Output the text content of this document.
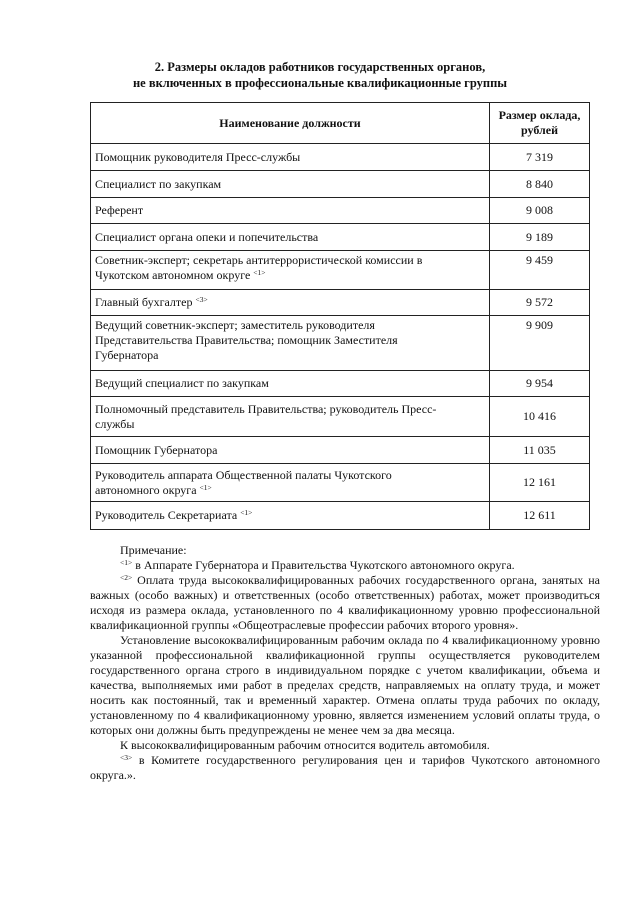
2. Размеры окладов работников государственных органов,
не включенных в профессиональные квалификационные группы
Наименование должности	Размер оклада,
рублей

Помощник руководителя Пресс-службы	7 319
Специалист по закупкам	8 840
Референт	9 008
Специалист органа опеки и попечительства	9 189

Советник-эксперт; секретарь антитеррористической комиссии в
Чукотском автономном округе $^{<1>}$	9 459
Главный бухгалтер $^{<3>}$	9 572

Ведущий советник-эксперт; заместитель руководителя
Представительства Правительства; помощник Заместителя
Губернатора	9 909
Ведущий специалист по закупкам	9 954

Полномочный представитель Правительства; руководитель Пресс-
службы	10 416
Помощник Губернатора	11 035

Руководитель аппарата Общественной палаты Чукотского
автономного округа $^{<1>}$	12 161
Руководитель Секретариата $^{<1>}$	12 611

Примечание:

$^{<1>}$ в Аппарате Губернатора и Правительства Чукотского автономного округа.

$^{<2>}$ Оплата труда высококвалифицированных рабочих государственного органа, занятых на важных (особо важных) и ответственных (особо ответственных) работах, может производиться исходя из размера оклада, установленного по 4 квалификационному уровню профессиональной квалификационной группы «Общеотраслевые профессии рабочих второго уровня».

Установление высококвалифицированным рабочим оклада по 4 квалификационному уровню указанной профессиональной квалификационной группы осуществляется руководителем государственного органа строго в индивидуальном порядке с учетом квалификации, объема и качества, выполняемых ими работ в пределах средств, направляемых на оплату труда, и может носить как постоянный, так и временный характер. Отмена оплаты труда рабочих по окладу, установленному по 4 квалификационному уровню, является изменением условий оплаты труда, о которых они должны быть предупреждены не менее чем за два месяца.

К высококвалифицированным рабочим относится водитель автомобиля.

$^{<3>}$ в Комитете государственного регулирования цен и тарифов Чукотского автономного округа.».
